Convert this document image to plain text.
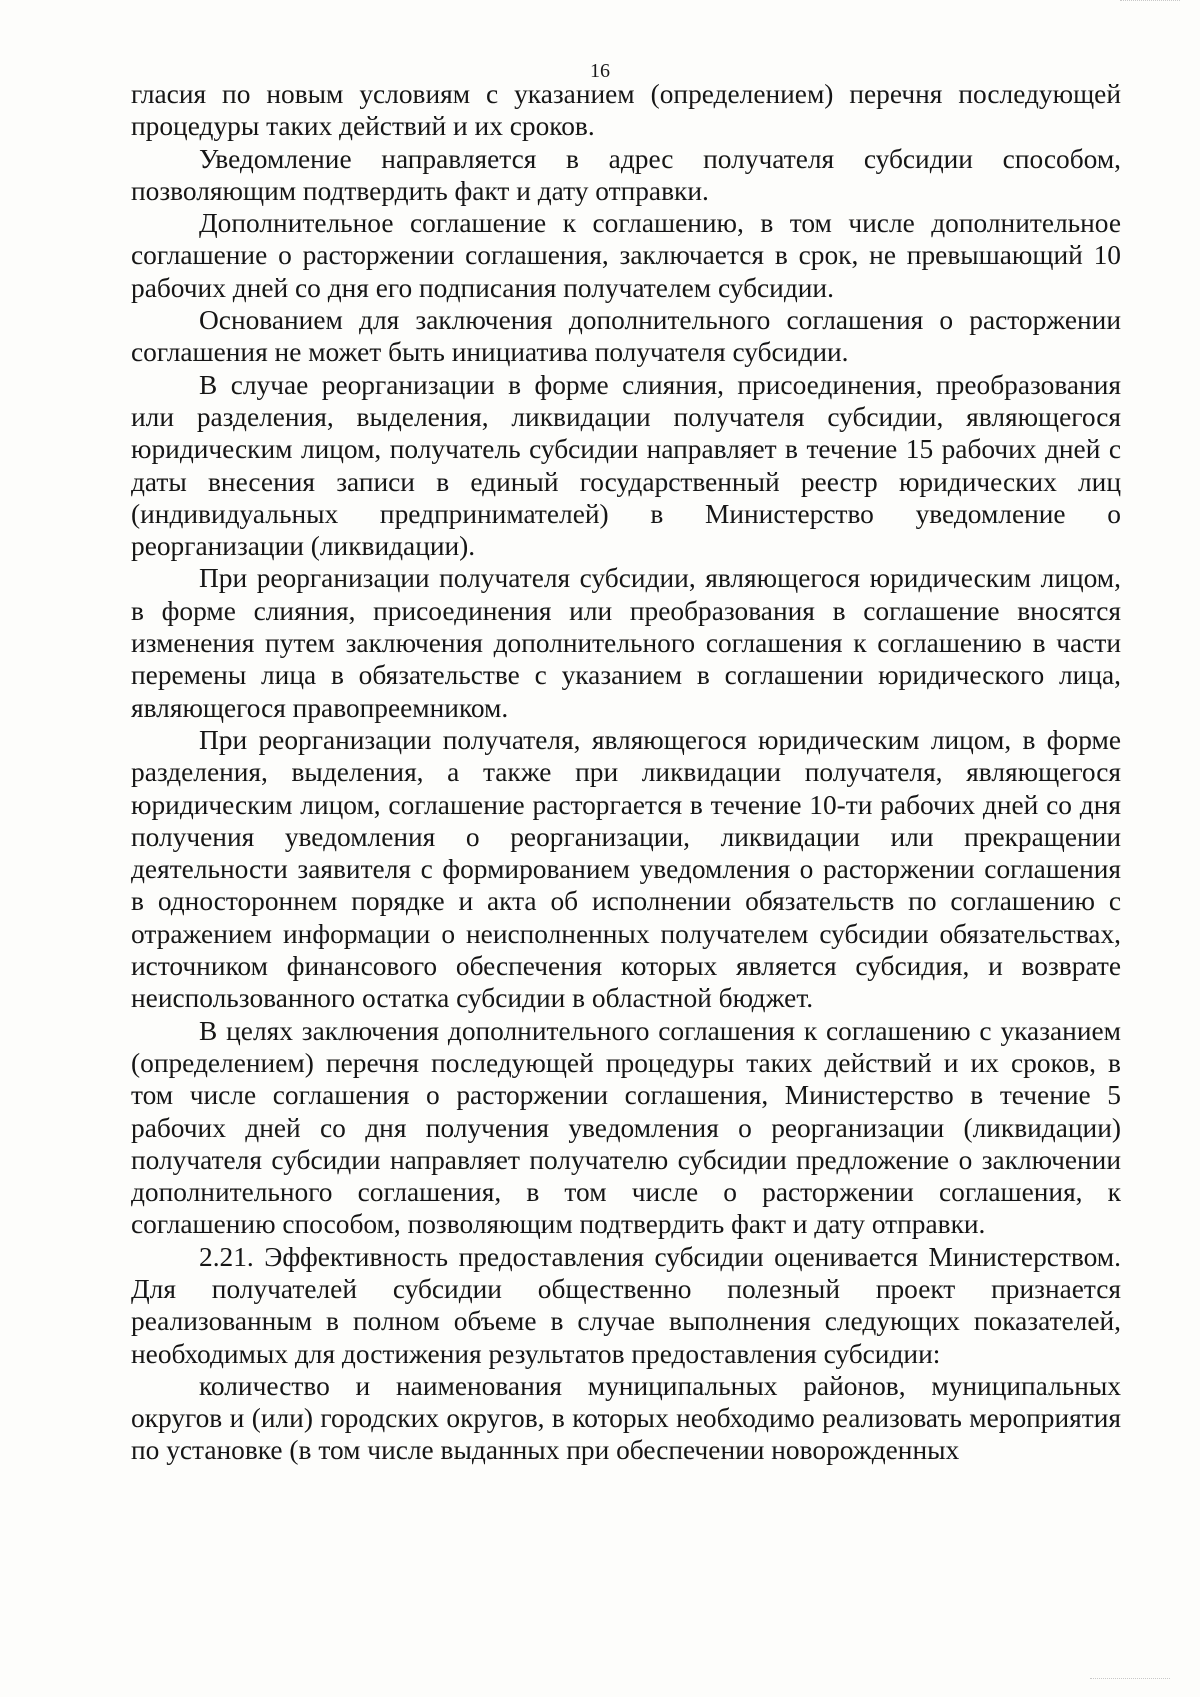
16

гласия по новым условиям с указанием (определением) перечня последующей процедуры таких действий и их сроков.

Уведомление направляется в адрес получателя субсидии способом, позволяющим подтвердить факт и дату отправки.

Дополнительное соглашение к соглашению, в том числе дополнительное соглашение о расторжении соглашения, заключается в срок, не превышающий 10 рабочих дней со дня его подписания получателем субсидии.

Основанием для заключения дополнительного соглашения о расторжении соглашения не может быть инициатива получателя субсидии.

В случае реорганизации в форме слияния, присоединения, преобразования или разделения, выделения, ликвидации получателя субсидии, являющегося юридическим лицом, получатель субсидии направляет в течение 15 рабочих дней с даты внесения записи в единый государственный реестр юридических лиц (индивидуальных предпринимателей) в Министерство уведомление о реорганизации (ликвидации).

При реорганизации получателя субсидии, являющегося юридическим лицом, в форме слияния, присоединения или преобразования в соглашение вносятся изменения путем заключения дополнительного соглашения к соглашению в части перемены лица в обязательстве с указанием в соглашении юридического лица, являющегося правопреемником.

При реорганизации получателя, являющегося юридическим лицом, в форме разделения, выделения, а также при ликвидации получателя, являющегося юридическим лицом, соглашение расторгается в течение 10-ти рабочих дней со дня получения уведомления о реорганизации, ликвидации или прекращении деятельности заявителя с формированием уведомления о расторжении соглашения в одностороннем порядке и акта об исполнении обязательств по соглашению с отражением информации о неисполненных получателем субсидии обязательствах, источником финансового обеспечения которых является субсидия, и возврате неиспользованного остатка субсидии в областной бюджет.

В целях заключения дополнительного соглашения к соглашению с указанием (определением) перечня последующей процедуры таких действий и их сроков, в том числе соглашения о расторжении соглашения, Министерство в течение 5 рабочих дней со дня получения уведомления о реорганизации (ликвидации) получателя субсидии направляет получателю субсидии предложение о заключении дополнительного соглашения, в том числе о расторжении соглашения, к соглашению способом, позволяющим подтвердить факт и дату отправки.

2.21. Эффективность предоставления субсидии оценивается Министерством. Для получателей субсидии общественно полезный проект признается реализованным в полном объеме в случае выполнения следующих показателей, необходимых для достижения результатов предоставления субсидии:

количество и наименования муниципальных районов, муниципальных округов и (или) городских округов, в которых необходимо реализовать мероприятия по установке (в том числе выданных при обеспечении новорожденных
